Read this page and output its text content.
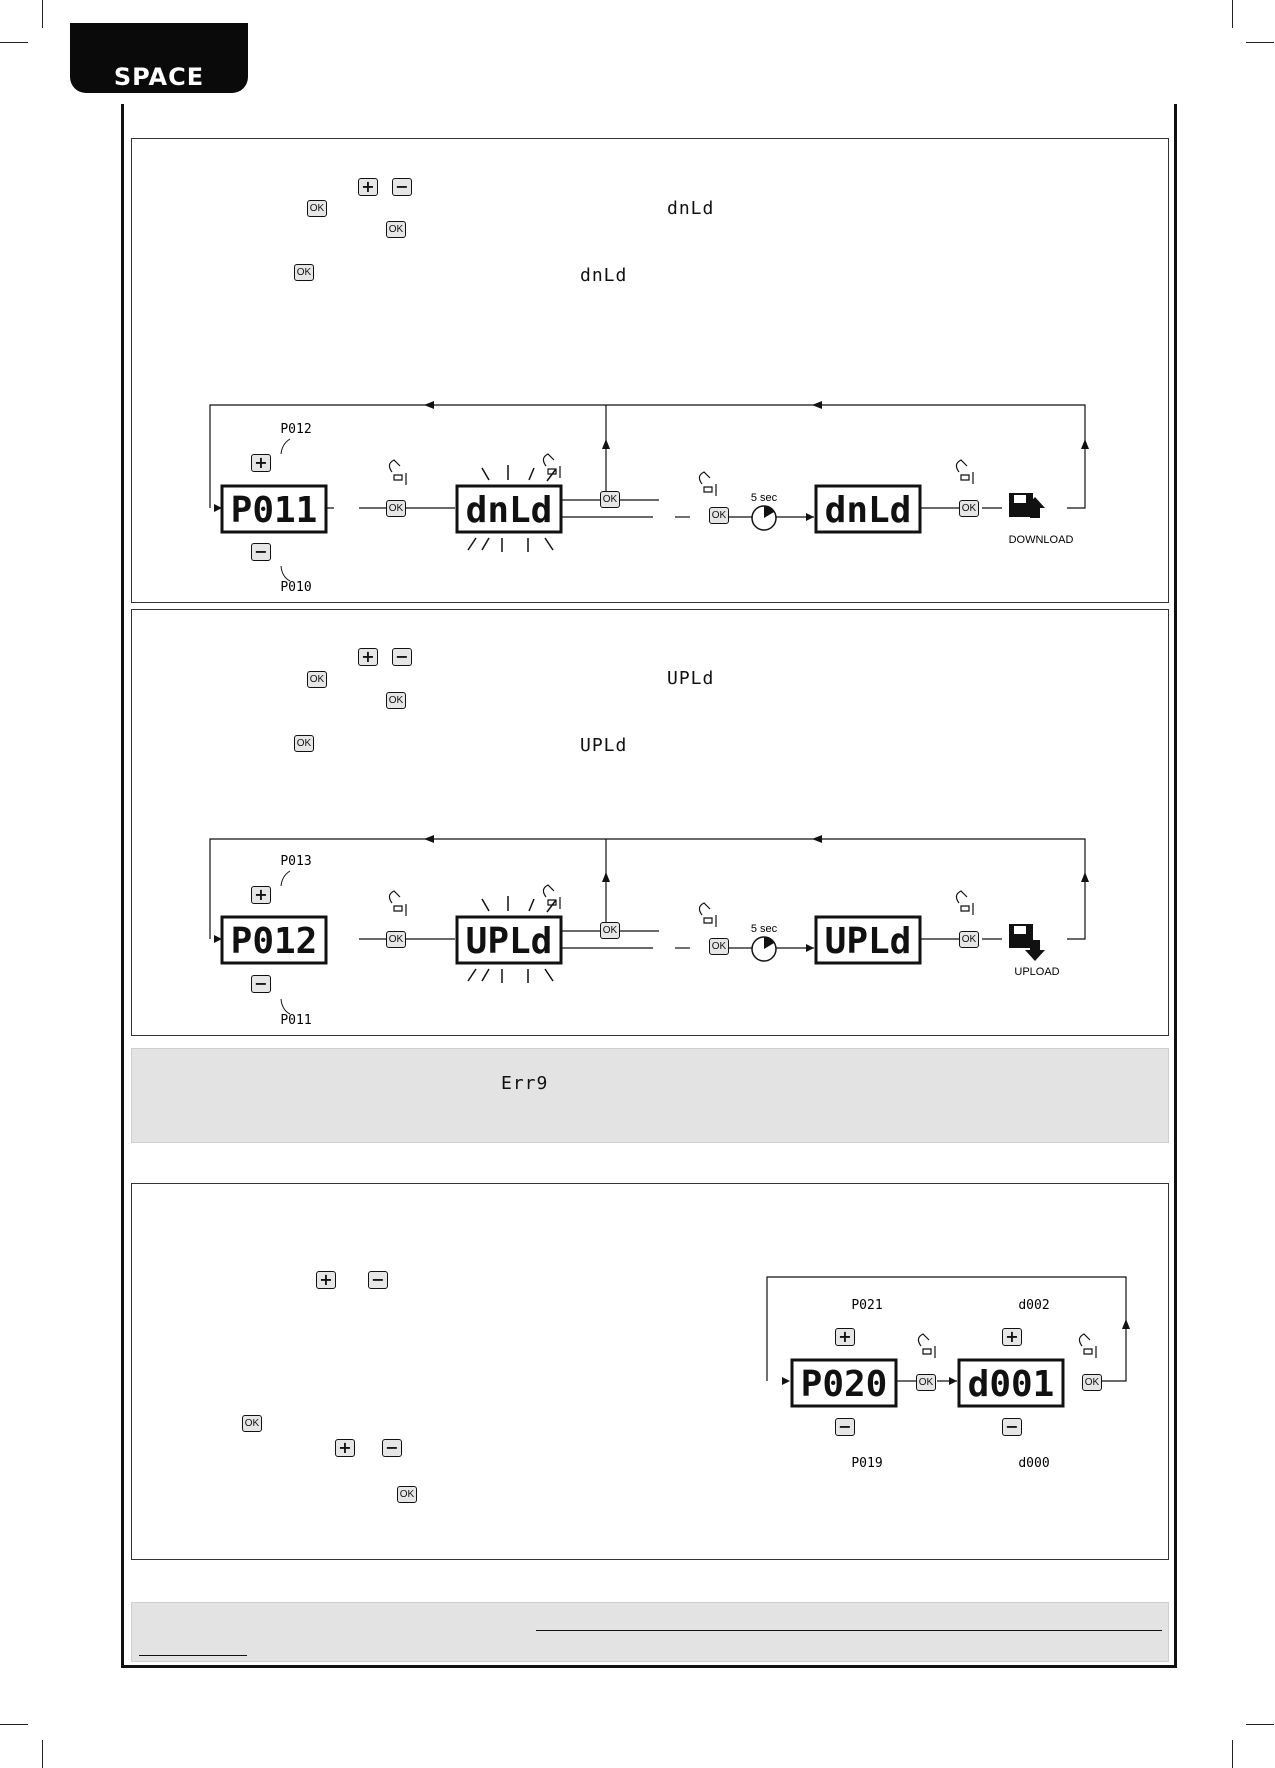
SPACE
+ −
OK
OK
OK
dnLd
dnLd
P011
P012
P010
dnLd	dnLd
5 sec
DOWNLOAD
+
−
OK
OK
OK
OK
+ −
OK
OK
OK
UPLd
UPLd
P012
P013
P011
UPLd	UPLd
5 sec
UPLOAD
+
−
OK
OK
OK
OK
Err9
+ −
OK
+ −
OK
P020 d001
P021
P019
d002
d000
+
−
+
−
OK	OK
